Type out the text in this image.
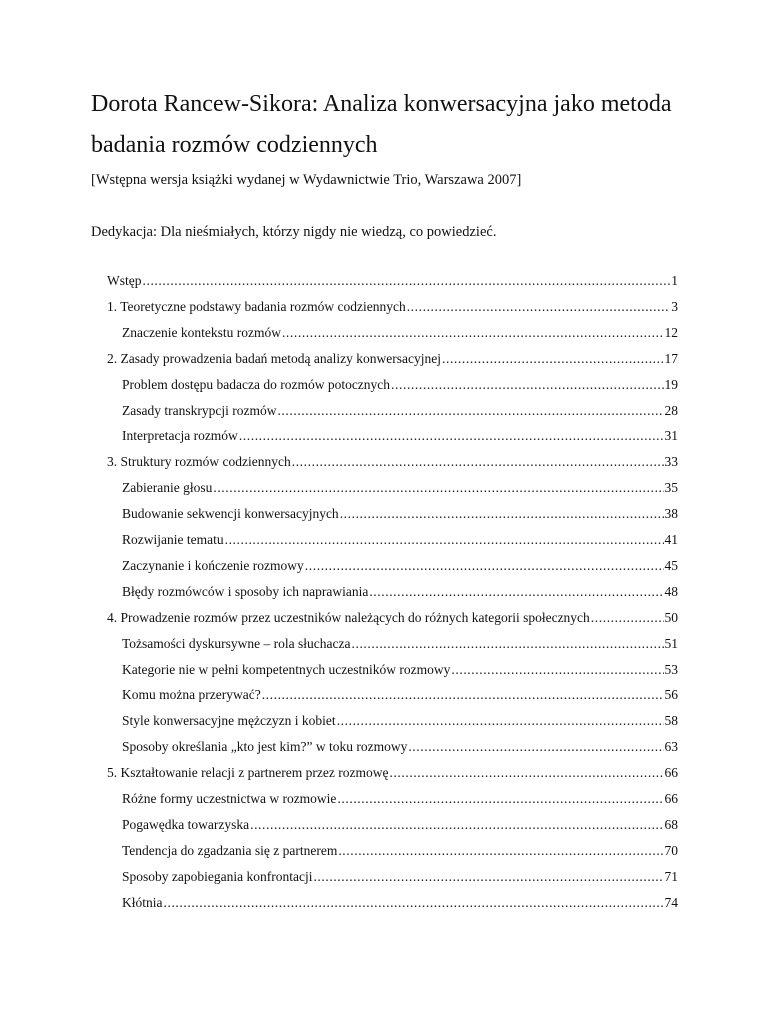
Dorota Rancew-Sikora: Analiza konwersacyjna jako metoda badania rozmów codziennych

[Wstępna wersja książki wydanej w Wydawnictwie Trio, Warszawa 2007]

Dedykacja: Dla nieśmiałych, którzy nigdy nie wiedzą, co powiedzieć.

Wstęp .....	1
1. Teoretyczne podstawy badania rozmów codziennych .....	3
Znaczenie kontekstu rozmów .....	12
2. Zasady prowadzenia badań metodą analizy konwersacyjnej .....	17
Problem dostępu badacza do rozmów potocznych .....	19
Zasady transkrypcji rozmów .....	28
Interpretacja rozmów .....	31
3. Struktury rozmów codziennych .....	33
Zabieranie głosu .....	35
Budowanie sekwencji konwersacyjnych .....	38
Rozwijanie tematu .....	41
Zaczynanie i kończenie rozmowy .....	45
Błędy rozmówców i sposoby ich naprawiania .....	48
4. Prowadzenie rozmów przez uczestników należących do różnych kategorii społecznych .....	50
Tożsamości dyskursywne – rola słuchacza .....	51
Kategorie nie w pełni kompetentnych uczestników rozmowy .....	53
Komu można przerywać? .....	56
Style konwersacyjne mężczyzn i kobiet .....	58
Sposoby określania „kto jest kim?” w toku rozmowy .....	63
5. Kształtowanie relacji z partnerem przez rozmowę .....	66
Różne formy uczestnictwa w rozmowie .....	66
Pogawędka towarzyska .....	68
Tendencja do zgadzania się z partnerem .....	70
Sposoby zapobiegania konfrontacji .....	71
Kłótnia .....	74
